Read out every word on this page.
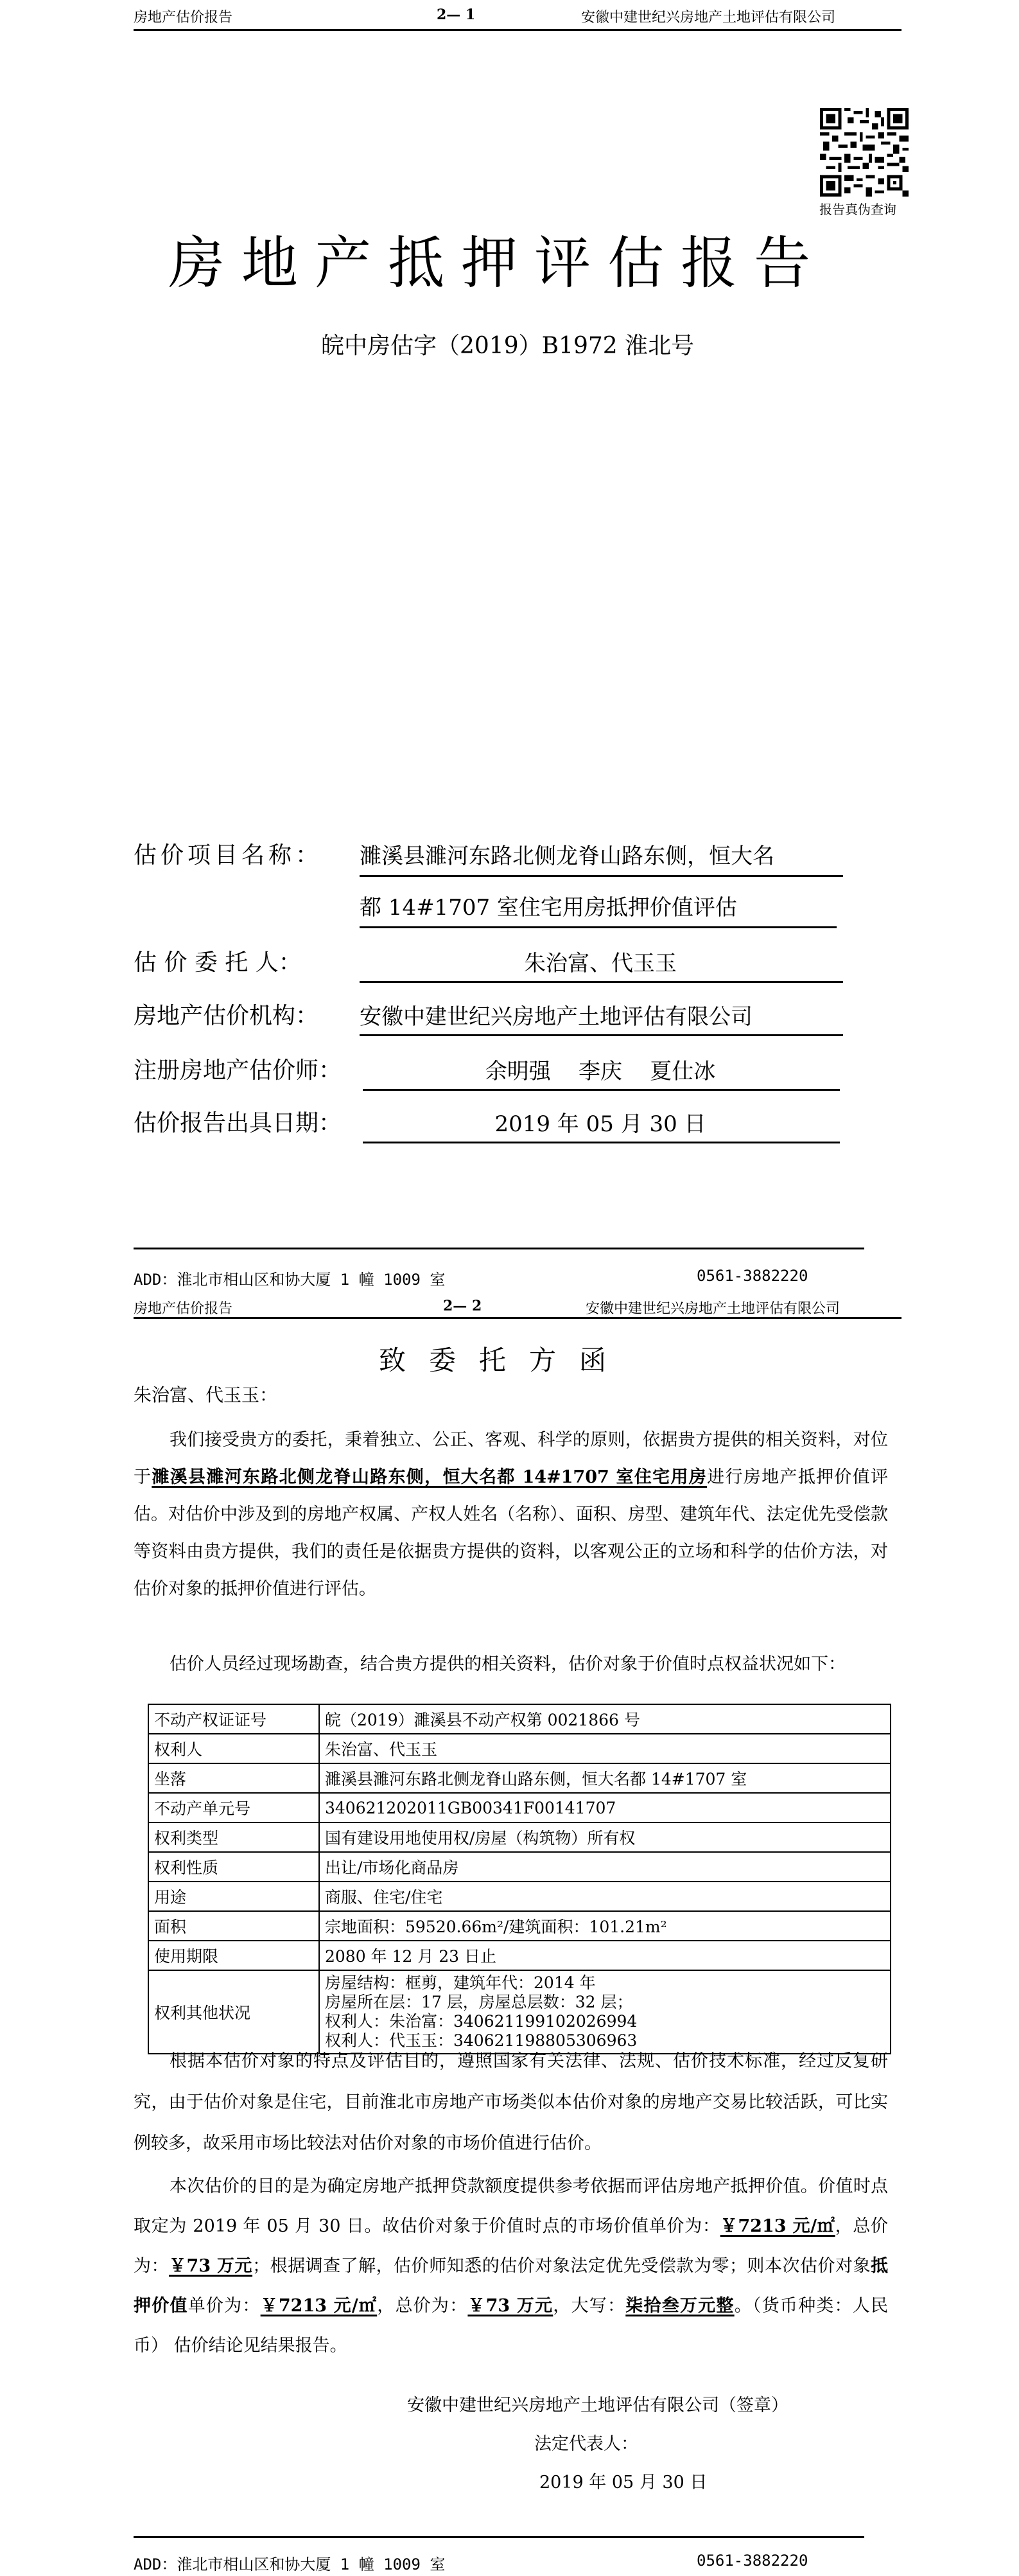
房地产估价报告	2— 1	安徽中建世纪兴房地产土地评估有限公司
报告真伪查询
房地产抵押评估报告
皖中房估字（2019）B1972 淮北号
估价项目名称： 濉溪县濉河东路北侧龙脊山路东侧，恒大名
都 14#1707 室住宅用房抵押价值评估
估 价 委 托 人：	朱治富、代玉玉
房地产估价机构： 安徽中建世纪兴房地产土地评估有限公司
注册房地产估价师：	余明强    李庆    夏仕冰
估价报告出具日期：	2019 年 05 月 30 日
ADD：淮北市相山区和协大厦 1 幢 1009 室	0561-3882220
房地产估价报告	2— 2	安徽中建世纪兴房地产土地评估有限公司
致委托方函
朱治富、代玉玉：
我们接受贵方的委托，秉着独立、公正、客观、科学的原则，依据贵方提供的相关资料，对位于濉溪县濉河东路北侧龙脊山路东侧，恒大名都 14#1707 室住宅用房进行房地产抵押价值评估。对估价中涉及到的房地产权属、产权人姓名（名称）、面积、房型、建筑年代、法定优先受偿款等资料由贵方提供，我们的责任是依据贵方提供的资料，以客观公正的立场和科学的估价方法，对估价对象的抵押价值进行评估。
估价人员经过现场勘查，结合贵方提供的相关资料，估价对象于价值时点权益状况如下：
不动产权证证号	皖（2019）濉溪县不动产权第 0021866 号
权利人	朱治富、代玉玉
坐落	濉溪县濉河东路北侧龙脊山路东侧，恒大名都 14#1707 室
不动产单元号	340621202011GB00341F00141707
权利类型	国有建设用地使用权/房屋（构筑物）所有权
权利性质	出让/市场化商品房
用途	商服、住宅/住宅
面积	宗地面积：59520.66m²/建筑面积：101.21m²
使用期限	2080 年 12 月 23 日止
权利其他状况	房屋结构：框剪，建筑年代：2014 年
房屋所在层：17 层，房屋总层数：32 层；
权利人：朱治富：340621199102026994
权利人：代玉玉：340621198805306963
根据本估价对象的特点及评估目的，遵照国家有关法律、法规、估价技术标准，经过反复研究，由于估价对象是住宅，目前淮北市房地产市场类似本估价对象的房地产交易比较活跃，可比实例较多，故采用市场比较法对估价对象的市场价值进行估价。
本次估价的目的是为确定房地产抵押贷款额度提供参考依据而评估房地产抵押价值。价值时点取定为 2019 年 05 月 30 日。故估价对象于价值时点的市场价值单价为：￥7213 元/㎡，总价为：￥73 万元；根据调查了解，估价师知悉的估价对象法定优先受偿款为零；则本次估价对象抵押价值单价为：￥7213 元/㎡，总价为：￥73 万元，大写：柒拾叁万元整。（货币种类：人民币） 估价结论见结果报告。
安徽中建世纪兴房地产土地评估有限公司（签章）
法定代表人：
2019 年 05 月 30 日
ADD：淮北市相山区和协大厦 1 幢 1009 室	0561-3882220
